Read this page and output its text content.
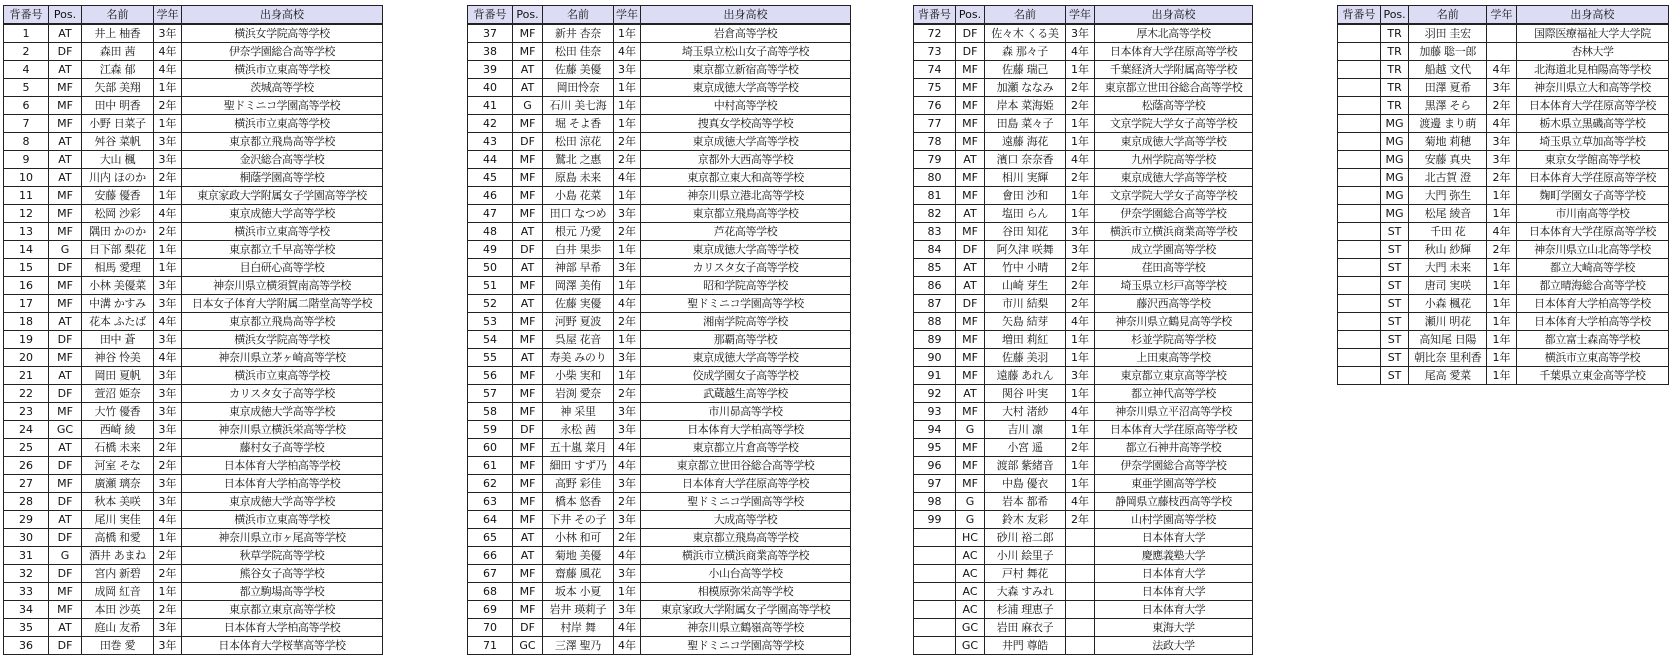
背番号	Pos.	名前	学年	出身高校
1	AT	井上 柚香	3年	横浜女学院高等学校
2	DF	森田 茜	4年	伊奈学園総合高等学校
4	AT	江森 郁	4年	横浜市立東高等学校
5	MF	矢部 美翔	1年	茨城高等学校
6	MF	田中 明香	2年	聖ドミニコ学園高等学校
7	MF	小野 日菜子	1年	横浜市立東高等学校
8	AT	舛谷 菜帆	3年	東京都立飛鳥高等学校
9	AT	大山 楓	3年	金沢総合高等学校
10	AT	川内 ほのか	2年	桐蔭学園高等学校
11	MF	安藤 優香	1年	東京家政大学附属女子学園高等学校
12	MF	松岡 沙彩	4年	東京成徳大学高等学校
13	MF	隅田 かのか	2年	横浜市立東高等学校
14	G	日下部 梨花	1年	東京都立千早高等学校
15	DF	相馬 愛理	1年	目白研心高等学校
16	MF	小林 美優菜	3年	神奈川県立横須賀南高等学校
17	MF	中溝 かすみ	3年	日本女子体育大学附属二階堂高等学校
18	AT	花本 ふたば	4年	東京都立飛鳥高等学校
19	DF	田中 蒼	3年	横浜女学院高等学校
20	MF	神谷 怜美	4年	神奈川県立茅ヶ崎高等学校
21	AT	岡田 夏帆	3年	横浜市立東高等学校
22	DF	萱沼 姫奈	3年	カリスタ女子高等学校
23	MF	大竹 優香	3年	東京成徳大学高等学校
24	GC	西崎 綾	3年	神奈川県立横浜栄高等学校
25	AT	石橋 未来	2年	藤村女子高等学校
26	DF	河室 そな	2年	日本体育大学柏高等学校
27	MF	廣瀬 璃奈	3年	日本体育大学柏高等学校
28	DF	秋本 美咲	3年	東京成徳大学高等学校
29	AT	尾川 実佳	4年	横浜市立東高等学校
30	DF	高橋 和愛	1年	神奈川県立市ヶ尾高等学校
31	G	酒井 あまね	2年	秋草学院高等学校
32	DF	宮内 新碧	2年	熊谷女子高等学校
33	MF	成岡 紅音	1年	都立駒場高等学校
34	MF	本田 沙英	2年	東京都立東京高等学校
35	AT	庭山 友希	3年	日本体育大学柏高等学校
36	DF	田巻 愛	3年	日本体育大学桜華高等学校
背番号	Pos.	名前	学年	出身高校
37	MF	新井 杏奈	1年	岩倉高等学校
38	MF	松田 佳奈	4年	埼玉県立松山女子高等学校
39	AT	佐藤 美優	3年	東京都立新宿高等学校
40	AT	岡田怜奈	1年	東京成徳大学高等学校
41	G	石川 美七海	1年	中村高等学校
42	MF	堀 そよ香	1年	捜真女学校高等学校
43	DF	松田 涼花	2年	東京成徳大学高等学校
44	MF	鷲北 之惠	2年	京都外大西高等学校
45	MF	原島 未来	4年	東京都立東大和高等学校
46	MF	小島 花菜	1年	神奈川県立港北高等学校
47	MF	田口 なつめ	3年	東京都立飛鳥高等学校
48	AT	根元 乃愛	2年	芦花高等学校
49	DF	白井 果歩	1年	東京成徳大学高等学校
50	AT	神部 早希	3年	カリスタ女子高等学校
51	MF	岡澤 美侑	1年	昭和学院高等学校
52	AT	佐藤 実優	4年	聖ドミニコ学園高等学校
53	MF	河野 夏波	2年	湘南学院高等学校
54	MF	呉屋 花音	1年	那覇高等学校
55	AT	寿美 みのり	3年	東京成徳大学高等学校
56	MF	小柴 実和	1年	佼成学園女子高等学校
57	MF	岩渕 愛奈	2年	武蔵越生高等学校
58	MF	神 采里	3年	市川昴高等学校
59	DF	永松 茜	3年	日本体育大学柏高等学校
60	MF	五十嵐 菜月	4年	東京都立片倉高等学校
61	MF	細田 すず乃	4年	東京都立世田谷総合高等学校
62	MF	高野 彩佳	3年	日本体育大学荏原高等学校
63	MF	橋本 悠香	2年	聖ドミニコ学園高等学校
64	MF	下井 その子	3年	大成高等学校
65	AT	小林 和可	2年	東京都立飛鳥高等学校
66	AT	菊地 美優	4年	横浜市立横浜商業高等学校
67	MF	齋藤 風花	3年	小山台高等学校
68	MF	坂本 小夏	1年	相模原弥栄高等学校
69	MF	岩井 瑛莉子	3年	東京家政大学附属女子学園高等学校
70	DF	村岸 舞	4年	神奈川県立鶴嶺高等学校
71	GC	三澤 聖乃	4年	聖ドミニコ学園高等学校
背番号	Pos.	名前	学年	出身高校
72	DF	佐々木 くる美	3年	厚木北高等学校
73	DF	森 那々子	4年	日本体育大学荏原高等学校
74	MF	佐藤 瑞己	1年	千葉経済大学附属高等学校
75	MF	加瀬 ななみ	2年	東京都立世田谷総合高等学校
76	MF	岸本 菜海姫	2年	松蔭高等学校
77	MF	田島 菜々子	1年	文京学院大学女子高等学校
78	MF	遠藤 海花	1年	東京成徳大学高等学校
79	AT	濱口 奈奈香	4年	九州学院高等学校
80	MF	相川 実輝	2年	東京成徳大学高等学校
81	MF	會田 沙和	1年	文京学院大学女子高等学校
82	AT	塩田 らん	1年	伊奈学園総合高等学校
83	MF	谷田 知花	3年	横浜市立横浜商業高等学校
84	DF	阿久津 咲舞	3年	成立学園高等学校
85	AT	竹中 小晴	2年	荏田高等学校
86	AT	山崎 芽生	2年	埼玉県立杉戸高等学校
87	DF	市川 結梨	2年	藤沢西高等学校
88	MF	矢島 結芽	4年	神奈川県立鶴見高等学校
89	MF	増田 莉紅	1年	杉並学院高等学校
90	MF	佐藤 美羽	1年	上田東高等学校
91	MF	遠藤 あれん	3年	東京都立東京高等学校
92	AT	関谷 叶実	1年	都立神代高等学校
93	MF	大村 渚紗	4年	神奈川県立平沼高等学校
94	G	吉川 凛	1年	日本体育大学荏原高等学校
95	MF	小宮 遥	2年	都立石神井高等学校
96	MF	渡部 紫緒音	1年	伊奈学園総合高等学校
97	MF	中島 優衣	1年	東亜学園高等学校
98	G	岩本 都希	4年	静岡県立藤枝西高等学校
99	G	鈴木 友彩	2年	山村学園高等学校
	HC	砂川 裕二郎		日本体育大学
	AC	小川 絵里子		慶應義塾大学
	AC	戸村 舞花		日本体育大学
	AC	大森 すみれ		日本体育大学
	AC	杉浦 理恵子		日本体育大学
	GC	岩田 麻衣子		東海大学
	GC	井門 尊皓		法政大学
背番号	Pos.	名前	学年	出身高校
	TR	羽田 圭宏		国際医療福祉大学大学院
	TR	加藤 聡一郎		杏林大学
	TR	船越 文代	4年	北海道北見柏陽高等学校
	TR	田澤 夏希	3年	神奈川県立大和高等学校
	TR	黒澤 そら	2年	日本体育大学荏原高等学校
	MG	渡邊 まり萌	4年	栃木県立黒磯高等学校
	MG	菊地 莉穂	3年	埼玉県立草加高等学校
	MG	安藤 真央	3年	東京女学館高等学校
	MG	北古賀 澄	2年	日本体育大学荏原高等学校
	MG	大門 弥生	1年	麹町学園女子高等学校
	MG	松尾 綾音	1年	市川南高等学校
	ST	千田 花	4年	日本体育大学荏原高等学校
	ST	秋山 紗輝	2年	神奈川県立山北高等学校
	ST	大門 未来	1年	都立大崎高等学校
	ST	唐司 実咲	1年	都立晴海総合高等学校
	ST	小森 楓花	1年	日本体育大学柏高等学校
	ST	瀬川 明花	1年	日本体育大学柏高等学校
	ST	高知尾 日陽	1年	都立富士森高等学校
	ST	朝比奈 里利香	1年	横浜市立東高等学校
	ST	尾高 愛菜	1年	千葉県立東金高等学校
